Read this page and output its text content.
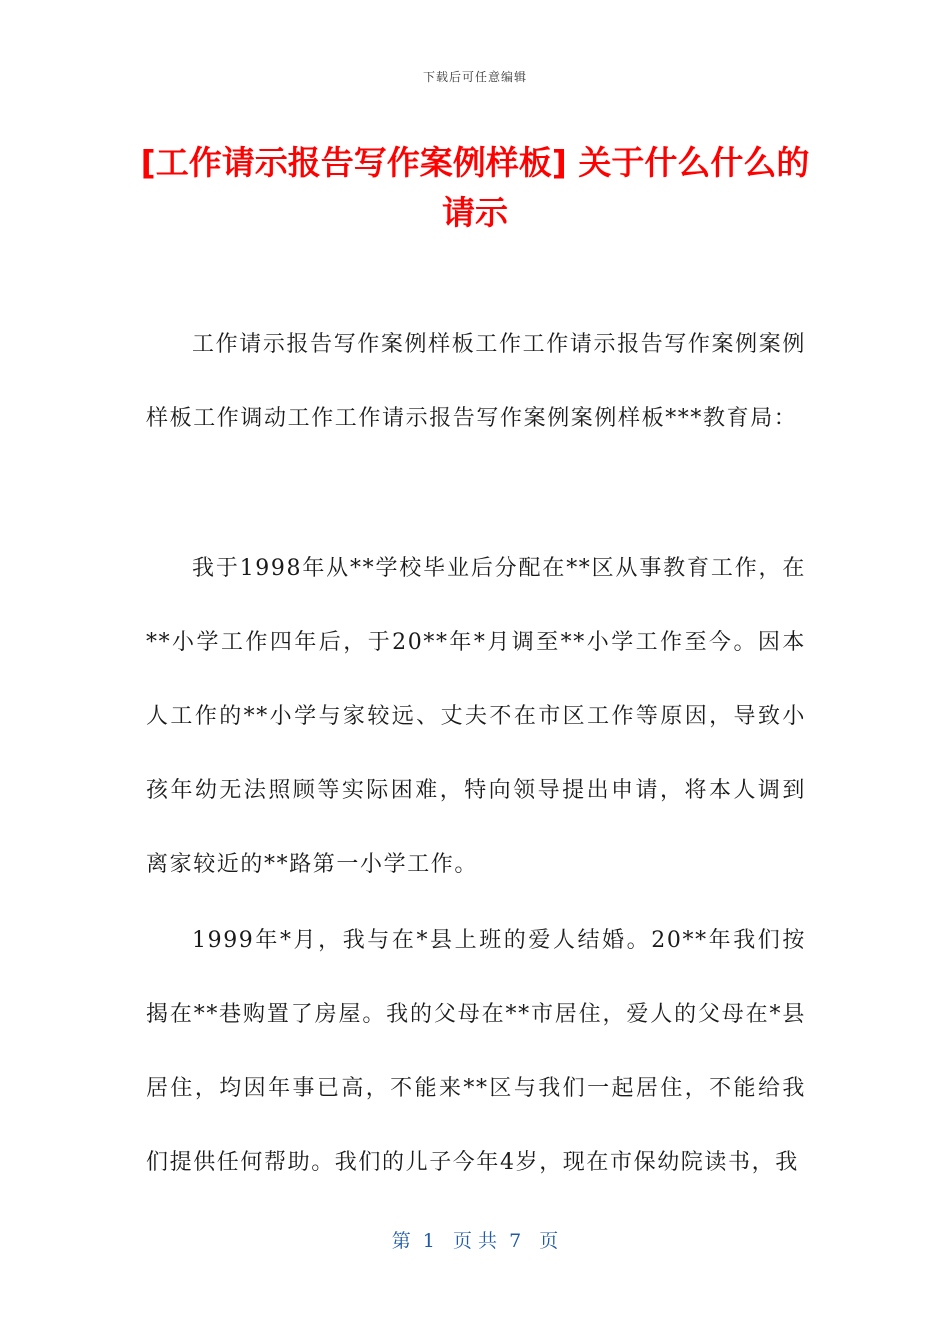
下载后可任意编辑
[工作请示报告写作案例样板] 关于什么什么的请示

工作请示报告写作案例样板工作工作请示报告写作案例案例样板工作调动工作工作请示报告写作案例案例样板***教育局：

我于1998年从**学校毕业后分配在**区从事教育工作，在**小学工作四年后，于20**年*月调至**小学工作至今。因本人工作的**小学与家较远、丈夫不在市区工作等原因，导致小孩年幼无法照顾等实际困难，特向领导提出申请，将本人调到离家较近的**路第一小学工作。

1999年*月，我与在*县上班的爱人结婚。20**年我们按揭在**巷购置了房屋。我的父母在**市居住，爱人的父母在*县居住，均因年事已高，不能来**区与我们一起居住，不能给我们提供任何帮助。我们的儿子今年4岁，现在市保幼院读书，我

第  1   页 共  7   页
